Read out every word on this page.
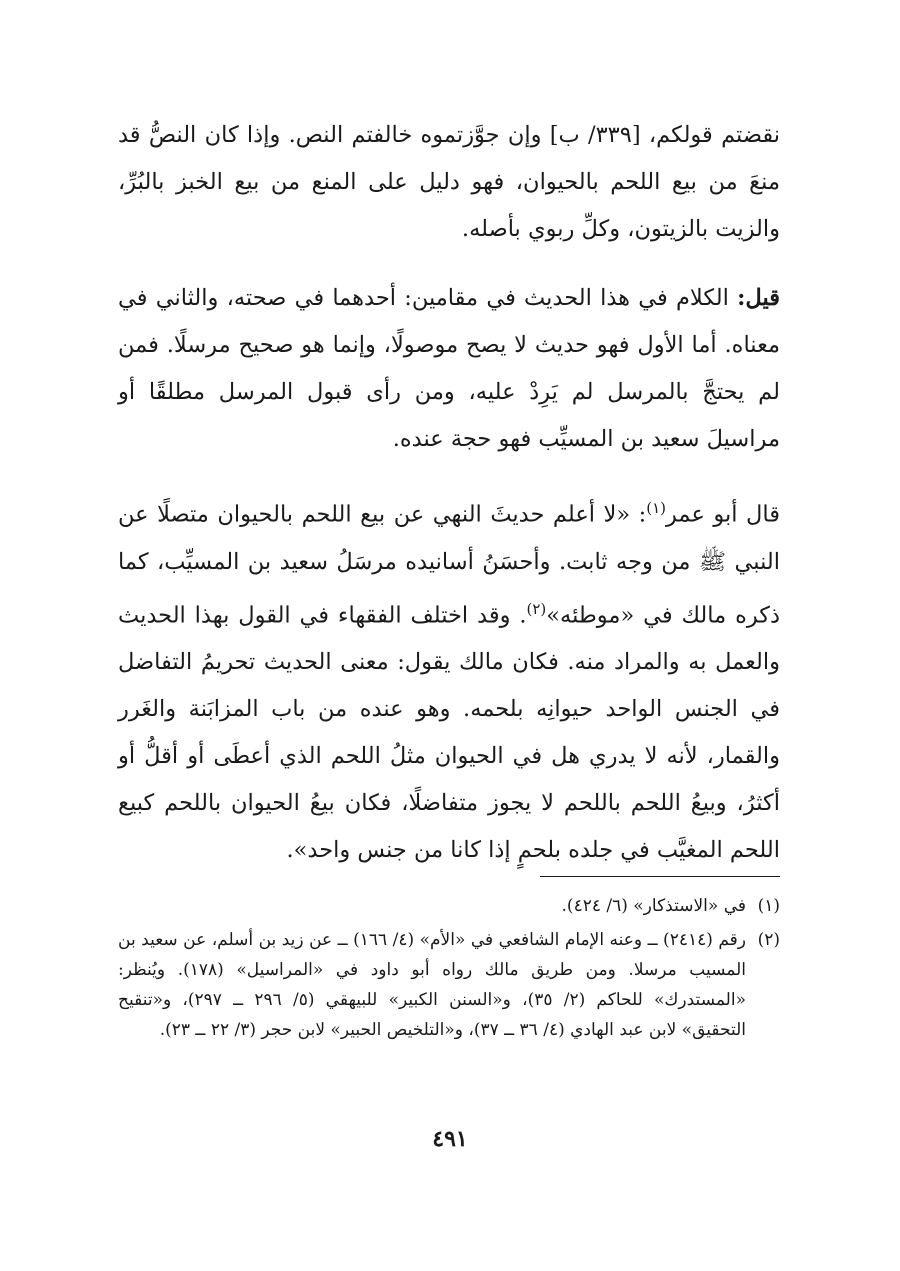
نقضتم قولكم، [٣٣٩/ ب] وإن جوَّزتموه خالفتم النص. وإذا كان النصُّ قد منعَ من بيع اللحم بالحيوان، فهو دليل على المنع من بيع الخبز بالبُرِّ، والزيت بالزيتون، وكلِّ ربوي بأصله.

قيل: الكلام في هذا الحديث في مقامين: أحدهما في صحته، والثاني في معناه. أما الأول فهو حديث لا يصح موصولًا، وإنما هو صحيح مرسلًا. فمن لم يحتجَّ بالمرسل لم يَرِدْ عليه، ومن رأى قبول المرسل مطلقًا أو مراسيلَ سعيد بن المسيِّب فهو حجة عنده.

قال أبو عمر$^{(١)}$: «لا أعلم حديثَ النهي عن بيع اللحم بالحيوان متصلًا عن النبي ﷺ من وجه ثابت. وأحسَنُ أسانيده مرسَلُ سعيد بن المسيِّب، كما ذكره مالك في «موطئه»$^{(٢)}$. وقد اختلف الفقهاء في القول بهذا الحديث والعمل به والمراد منه. فكان مالك يقول: معنى الحديث تحريمُ التفاضل في الجنس الواحد حيوانِه بلحمه. وهو عنده من باب المزابَنة والغَرر والقمار، لأنه لا يدري هل في الحيوان مثلُ اللحم الذي أعطَى أو أقلُّ أو أكثرُ، وبيعُ اللحم باللحم لا يجوز متفاضلًا، فكان بيعُ الحيوان باللحم كبيع اللحم المغيَّب في جلده بلحمٍ إذا كانا من جنس واحد».

(١)
في «الاستذكار» (٦/ ٤٢٤).
(٢)
رقم (٢٤١٤) ــ وعنه الإمام الشافعي في «الأم» (٤/ ١٦٦) ــ عن زيد بن أسلم، عن سعيد بن المسيب مرسلا. ومن طريق مالك رواه أبو داود في «المراسيل» (١٧٨). ويُنظر: «المستدرك» للحاكم (٢/ ٣٥)، و«السنن الكبير» للبيهقي (٥/ ٢٩٦ ــ ٢٩٧)، و«تنقيح التحقيق» لابن عبد الهادي (٤/ ٣٦ ــ ٣٧)، و«التلخيص الحبير» لابن حجر (٣/ ٢٢ ــ ٢٣).
٤٩١
